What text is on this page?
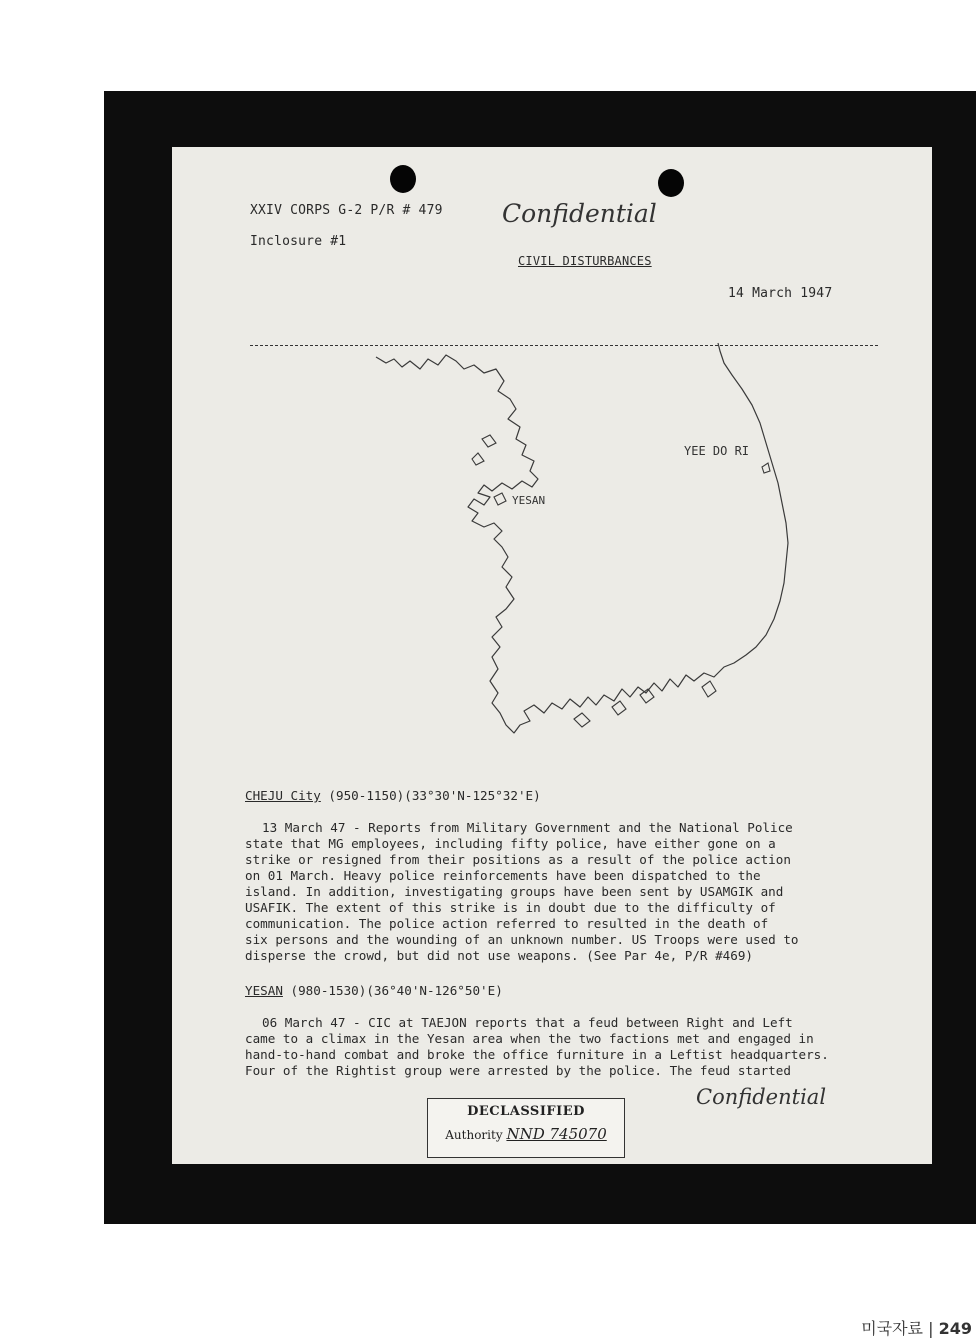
XXIV CORPS G-2 P/R # 479
Inclosure #1
Confidential
CIVIL DISTURBANCES
14 March 1947
YESAN
YEE DO RI
CHEJU City (950-1150)(33°30'N-125°32'E)
13 March 47 - Reports from Military Government and the National Police
state that MG employees, including fifty police, have either gone on a
strike or resigned from their positions as a result of the police action
on 01 March. Heavy police reinforcements have been dispatched to the
island. In addition, investigating groups have been sent by USAMGIK and
USAFIK. The extent of this strike is in doubt due to the difficulty of
communication. The police action referred to resulted in the death of
six persons and the wounding of an unknown number. US Troops were used to
disperse the crowd, but did not use weapons. (See Par 4e, P/R #469)
YESAN (980-1530)(36°40'N-126°50'E)
06 March 47 - CIC at TAEJON reports that a feud between Right and Left
came to a climax in the Yesan area when the two factions met and engaged in
hand-to-hand combat and broke the office furniture in a Leftist headquarters.
Four of the Rightist group were arrested by the police. The feud started
Confidential
DECLASSIFIED
Authority NND 745070
미국자료 | 249
